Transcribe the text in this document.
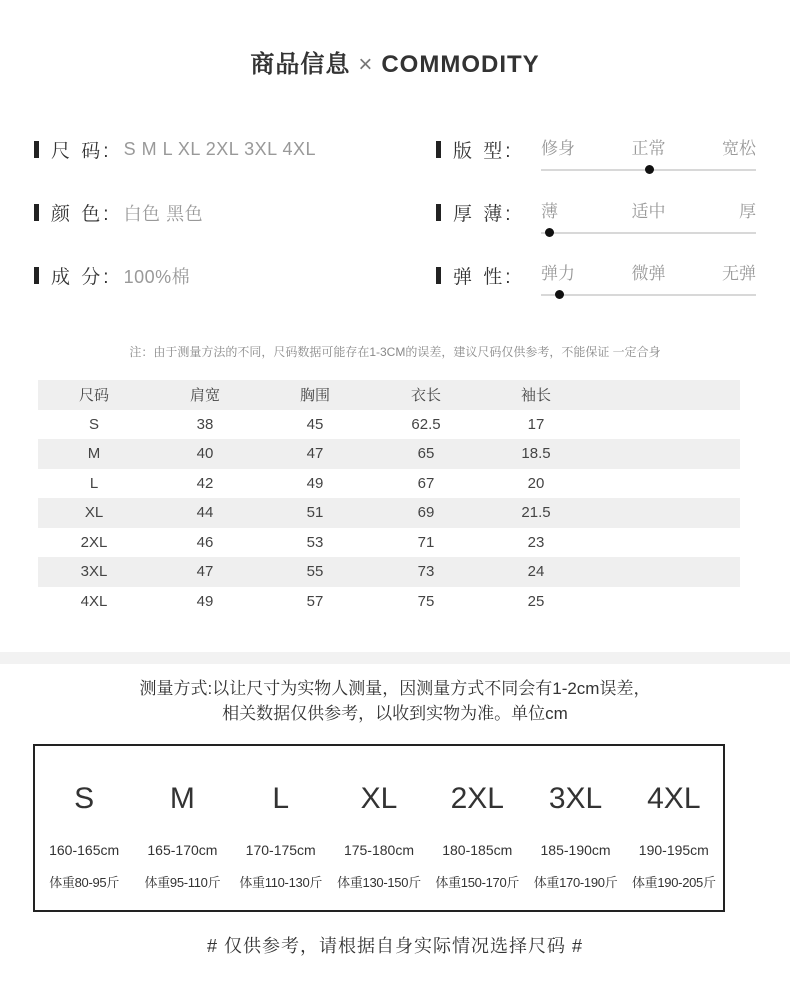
商品信息 × COMMODITY
尺 码: S M L XL 2XL 3XL 4XL
颜 色: 白色 黑色
成 分: 100%棉
版 型: 修身	正常	宽松
厚 薄: 薄	适中	厚
弹 性: 弹力	微弹	无弹
注：由于测量方法的不同，尺码数据可能存在1-3CM的误差，建议尺码仅供参考，不能保证 一定合身
尺码	肩宽	胸围	衣长	袖长	
S	38	45	62.5	17	
M	40	47	65	18.5	
L	42	49	67	20	
XL	44	51	69	21.5	
2XL	46	53	71	23	
3XL	47	55	73	24	
4XL	49	57	75	25	
测量方式:以让尺寸为实物人测量，因测量方式不同会有1-2cm误差，
相关数据仅供参考，以收到实物为准。单位cm
S	M	L	XL	2XL	3XL	4XL
160-165cm	165-170cm	170-175cm	175-180cm	180-185cm	185-190cm	190-195cm
体重80-95斤	体重95-110斤	体重110-130斤	体重130-150斤	体重150-170斤	体重170-190斤	体重190-205斤
# 仅供参考，请根据自身实际情况选择尺码 #
